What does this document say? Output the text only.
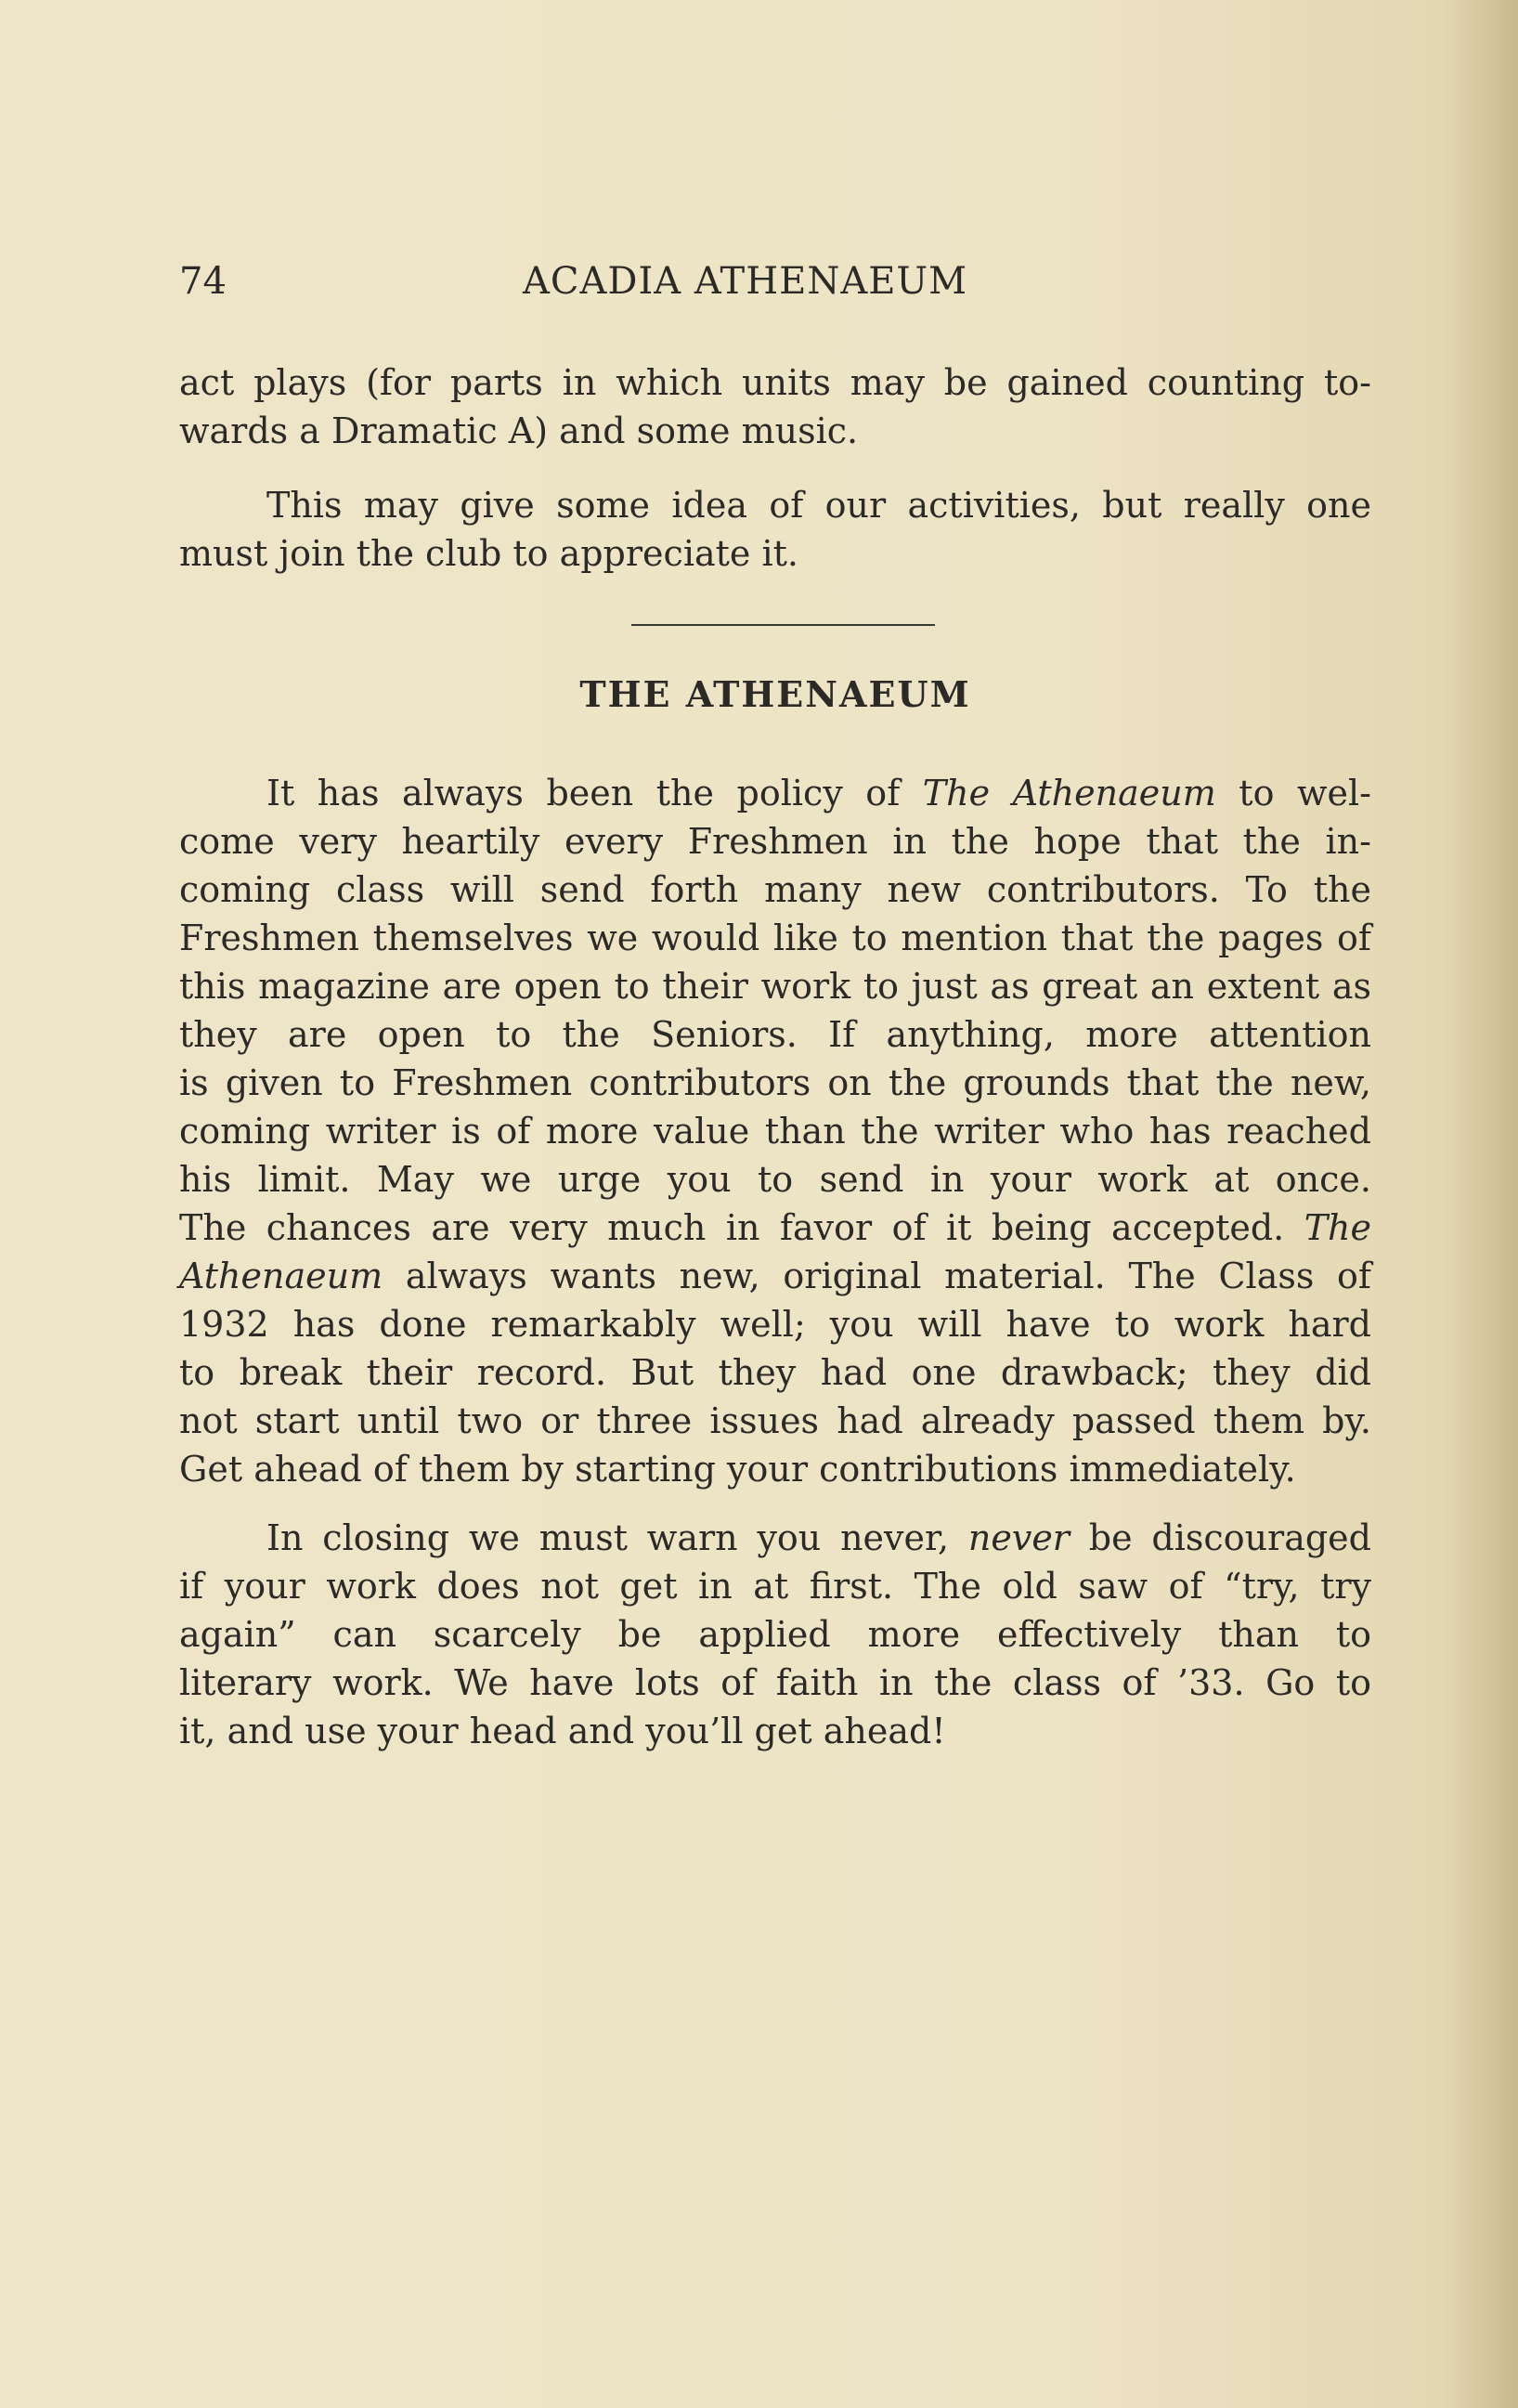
74	ACADIA ATHENAEUM
act plays (for parts in which units may be gained counting to-
wards a Dramatic A) and some music.
This may give some idea of our activities, but really one
must join the club to appreciate it.
THE ATHENAEUM
It has always been the policy of The Athenaeum to wel-
come very heartily every Freshmen in the hope that the in-
coming class will send forth many new contributors. To the
Freshmen themselves we would like to mention that the pages of
this magazine are open to their work to just as great an extent as
they are open to the Seniors. If anything, more attention
is given to Freshmen contributors on the grounds that the new,
coming writer is of more value than the writer who has reached
his limit. May we urge you to send in your work at once.
The chances are very much in favor of it being accepted. The
Athenaeum always wants new, original material. The Class of
1932 has done remarkably well; you will have to work hard
to break their record. But they had one drawback; they did
not start until two or three issues had already passed them by.
Get ahead of them by starting your contributions immediately.
In closing we must warn you never, never be discouraged
if your work does not get in at first. The old saw of “try, try
again” can scarcely be applied more effectively than to
literary work. We have lots of faith in the class of ’33. Go to
it, and use your head and you’ll get ahead!
